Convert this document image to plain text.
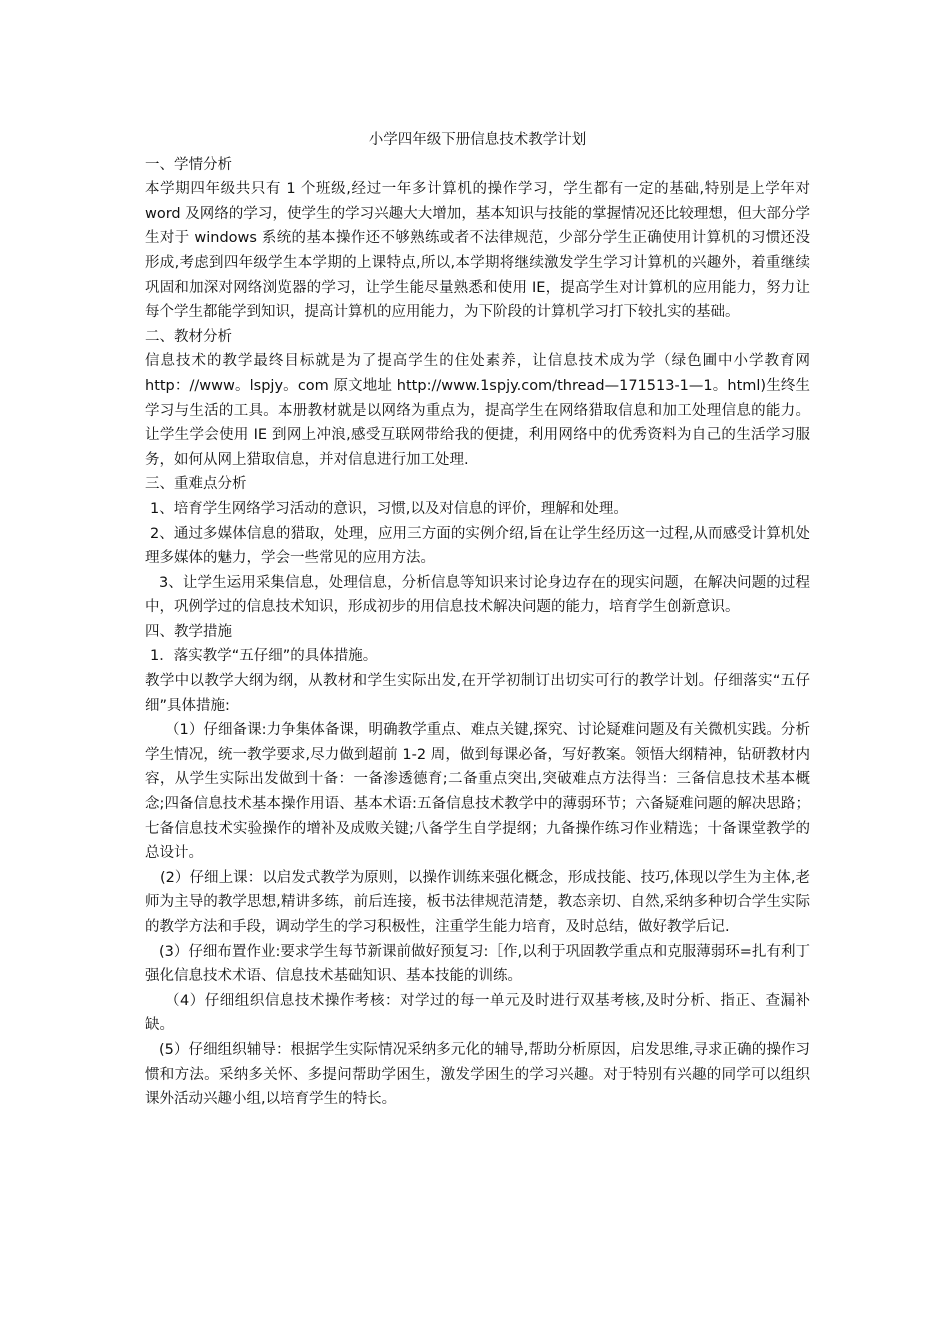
小学四年级下册信息技术教学计划

一、学情分析

本学期四年级共只有 1 个班级,经过一年多计算机的操作学习，学生都有一定的基础,特别是上学年对 word 及网络的学习，使学生的学习兴趣大大增加，基本知识与技能的掌握情况还比较理想，但大部分学生对于 windows 系统的基本操作还不够熟练或者不法律规范，少部分学生正确使用计算机的习惯还没形成,考虑到四年级学生本学期的上课特点,所以,本学期将继续激发学生学习计算机的兴趣外，着重继续巩固和加深对网络浏览器的学习，让学生能尽量熟悉和使用 IE，提高学生对计算机的应用能力，努力让每个学生都能学到知识，提高计算机的应用能力，为下阶段的计算机学习打下较扎实的基础。

二、教材分析

信息技术的教学最终目标就是为了提高学生的住处素养，让信息技术成为学（绿色圃中小学教育网 http：//www。lspjy。com 原文地址 http://www.1spjy.com/thread—171513-1—1。html)生终生学习与生活的工具。本册教材就是以网络为重点为，提高学生在网络猎取信息和加工处理信息的能力。让学生学会使用 IE 到网上冲浪,感受互联网带给我的便捷，利用网络中的优秀资料为自己的生活学习服务，如何从网上猎取信息，并对信息进行加工处理.

三、重难点分析

1、培育学生网络学习活动的意识，习惯,以及对信息的评价，理解和处理。

2、通过多媒体信息的猎取，处理，应用三方面的实例介绍,旨在让学生经历这一过程,从而感受计算机处理多媒体的魅力，学会一些常见的应用方法。

3、让学生运用采集信息，处理信息，分析信息等知识来讨论身边存在的现实问题，在解决问题的过程中，巩例学过的信息技术知识，形成初步的用信息技术解决问题的能力，培育学生创新意识。

四、教学措施

1．落实教学“五仔细”的具体措施。

教学中以教学大纲为纲，从教材和学生实际出发,在开学初制订出切实可行的教学计划。仔细落实“五仔细”具体措施:

（1）仔细备课:力争集体备课，明确教学重点、难点关键,探究、讨论疑难问题及有关微机实践。分析学生情况，统一教学要求,尽力做到超前 1-2 周，做到每课必备，写好教案。领悟大纲精神，钻研教材内容，从学生实际出发做到十备：一备渗透德育;二备重点突出,突破难点方法得当：三备信息技术基本概念;四备信息技术基本操作用语、基本术语:五备信息技术教学中的薄弱环节；六备疑难问题的解决思路；七备信息技术实验操作的增补及成败关键;八备学生自学提纲；九备操作练习作业精选；十备课堂教学的总设计。

(2）仔细上课：以启发式教学为原则，以操作训练来强化概念，形成技能、技巧,体现以学生为主体,老师为主导的教学思想,精讲多练，前后连接，板书法律规范清楚，教态亲切、自然,采纳多种切合学生实际的教学方法和手段，调动学生的学习积极性，注重学生能力培育，及时总结，做好教学后记.

(3）仔细布置作业:要求学生每节新课前做好预复习:［作,以利于巩固教学重点和克服薄弱环=扎有利丁强化信息技术术语、信息技术基础知识、基本技能的训练。

（4）仔细组织信息技术操作考核：对学过的每一单元及时进行双基考核,及时分析、指正、查漏补缺。

(5）仔细组织辅导：根据学生实际情况采纳多元化的辅导,帮助分析原因，启发思维,寻求正确的操作习惯和方法。采纳多关怀、多提问帮助学困生，激发学困生的学习兴趣。对于特别有兴趣的同学可以组织课外活动兴趣小组,以培育学生的特长。
